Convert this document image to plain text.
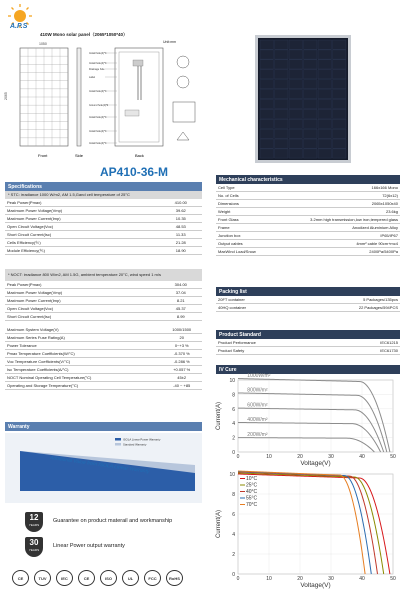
A.P.S
410W Mono solar panel（2065*1050*40）
Unit:mm
2065
1050
Install hole(4)*4
Install hole(4)*4
Drainage hole
Label
Install hole(4)*4
Ground hole(4)*2
Install hole(4)*4
Install hole(4)*4
Install hole(4)*4
Front	Side	Back
AP410-36-M
Specifications
* STC: irradiance 1000 W/m2, AM 1.5,Gand cell temperature of 25°C
Peak Power(Pmax)	410.00
Maximum Power Voltage(Vmp)	39.62
Maximum Power Current(Imp)	10.35
Open Circuit Voltage(Voc)	48.53
Short Circuit Current(Isc)	11.33
Cells Efficiency(％)	21.28
Module Efficiency(％)	18.90
* NOCT: irradiance 800 W/m2, AM 1.5G, ambient temperature 20°C, wind speed 1 m/s
Peak Power(Pmax)	304.00
Maximum Power Voltage(Vmp)	37.04
Maximum Power Current(Imp)	8.21
Open Circuit Voltage(Voc)	45.37
Short Circuit Current(Isc)	8.99
Maximum System Voltage(V)	1000/1500
Maximum Series Fuse Rating(A)	20
Power Tolerance	0~+3 %
Pmax Temperature Coefficients(W/°C)	-0.370 %
Voc Temperature Coefficients(V/°C)	-0.286 %
Isc Temperature Coefficients(A/°C)	+0.057 %
NOCT Nominal Operating Cell Temperature(°C)	45±2
Operating and Storage Temperature(°C)	-40 ~ +85
Mechanical characteristics
Cell Type	166x166 Mono
No. of Cells	72(6x12)
Dimensions	2065x1050x40
Weight	23.6kg
Front Glass	3.2mm high transmission,low iron,tempered glass
Frame	Anodized Aluminium Alloy
Junction box	IP65/IP67
Output cables	4mm² cable 90cm+mc4
MaxWind Load/Snow	2400Pa/5400Pa
Packing list
20FT container	5 Packages/135pcs
40HQ container	22 Packages/594PCS
Product Standard
Product Performance	IEC61215
Product Safety	IEC61730
IV Cure
0
2
4
6
8
10
0	10	20	30	40	50
Voltage(V)
Current(A)
1000W/m²
800W/m²
600W/m²
400W/m²
200W/m²
0
2
4
6
8
10
0	10	20	30	40	50
Voltage(V)
Current(A)
10°C
25°C
40°C
55°C
70°C
Warranty
ISOLA Linear Power Warranty
Standard Warranty
Additional Value from ISOLA Linear Warranty
12
YEARS
Guarantee on product materail and workmanship
30
YEARS
Linear Power output warranty
CE	TUV	IEC	CE	ISO	UL	FCC	RoHS
